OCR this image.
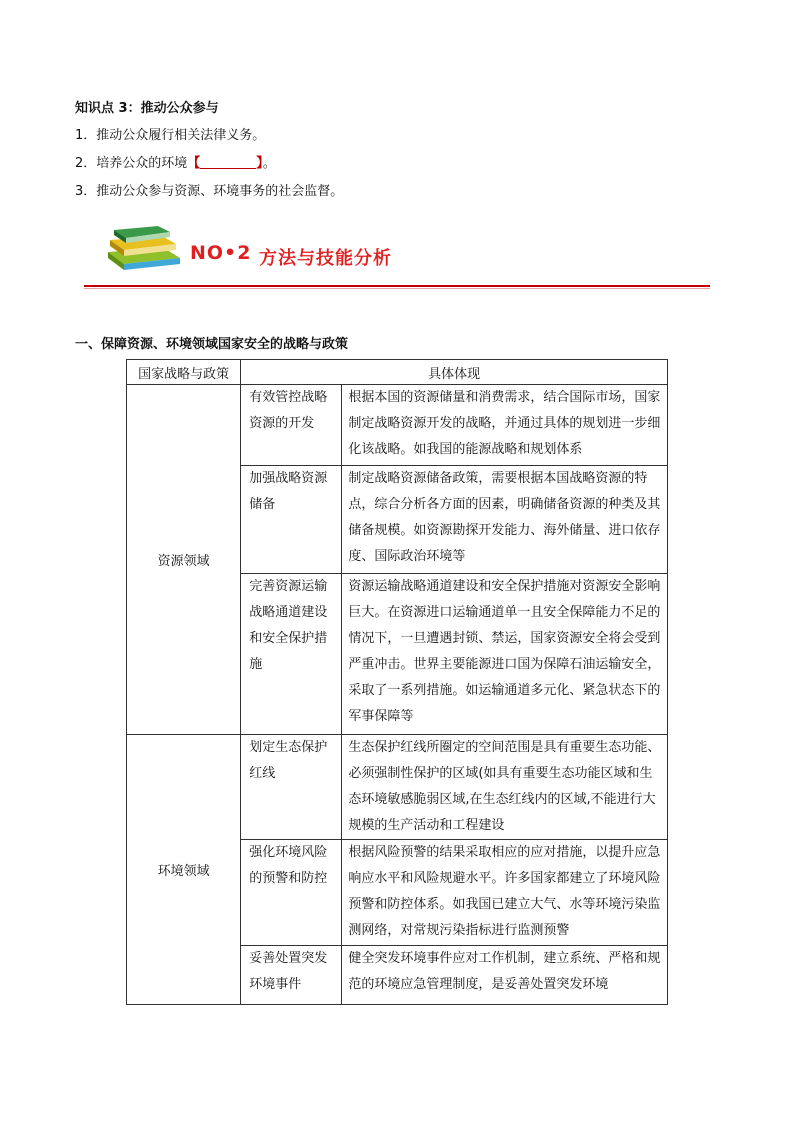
知识点 3：推动公众参与
1．推动公众履行相关法律义务。
2．培养公众的环境【	】。
3．推动公众参与资源、环境事务的社会监督。
NO•2 方法与技能分析
一、保障资源、环境领域国家安全的战略与政策
国家战略与政策	具体体现	
资源领域	有效管控战略资源的开发	根据本国的资源储量和消费需求，结合国际市场，国家制定战略资源开发的战略，并通过具体的规划进一步细化该战略。如我国的能源战略和规划体系
	加强战略资源储备	制定战略资源储备政策，需要根据本国战略资源的特点，综合分析各方面的因素，明确储备资源的种类及其储备规模。如资源勘探开发能力、海外储量、进口依存度、国际政治环境等
	完善资源运输战略通道建设和安全保护措施	资源运输战略通道建设和安全保护措施对资源安全影响巨大。在资源进口运输通道单一且安全保障能力不足的情况下，一旦遭遇封锁、禁运，国家资源安全将会受到严重冲击。世界主要能源进口国为保障石油运输安全，采取了一系列措施。如运输通道多元化、紧急状态下的军事保障等
环境领域	划定生态保护红线	生态保护红线所圈定的空间范围是具有重要生态功能、必须强制性保护的区域(如具有重要生态功能区域和生态环境敏感脆弱区域,在生态红线内的区域,不能进行大规模的生产活动和工程建设
	强化环境风险的预警和防控	根据风险预警的结果采取相应的应对措施，以提升应急响应水平和风险规避水平。许多国家都建立了环境风险预警和防控体系。如我国已建立大气、水等环境污染监测网络，对常规污染指标进行监测预警
	妥善处置突发环境事件	健全突发环境事件应对工作机制，建立系统、严格和规范的环境应急管理制度，是妥善处置突发环境
